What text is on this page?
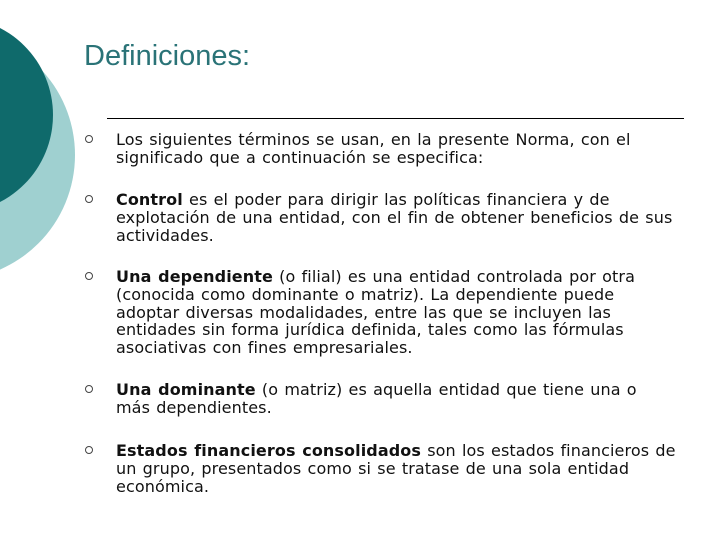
Definiciones:
Los siguientes términos se usan, en la presente Norma, con el significado que a continuación se especifica:
Control es el poder para dirigir las políticas financiera y de explotación de una entidad, con el fin de obtener beneficios de sus actividades.
Una dependiente (o filial) es una entidad controlada por otra (conocida como dominante o matriz). La dependiente puede adoptar diversas modalidades, entre las que se incluyen las entidades sin forma jurídica definida, tales como las fórmulas asociativas con fines empresariales.
Una dominante (o matriz) es aquella entidad que tiene una o más dependientes.
Estados financieros consolidados son los estados financieros de un grupo, presentados como si se tratase de una sola entidad económica.
